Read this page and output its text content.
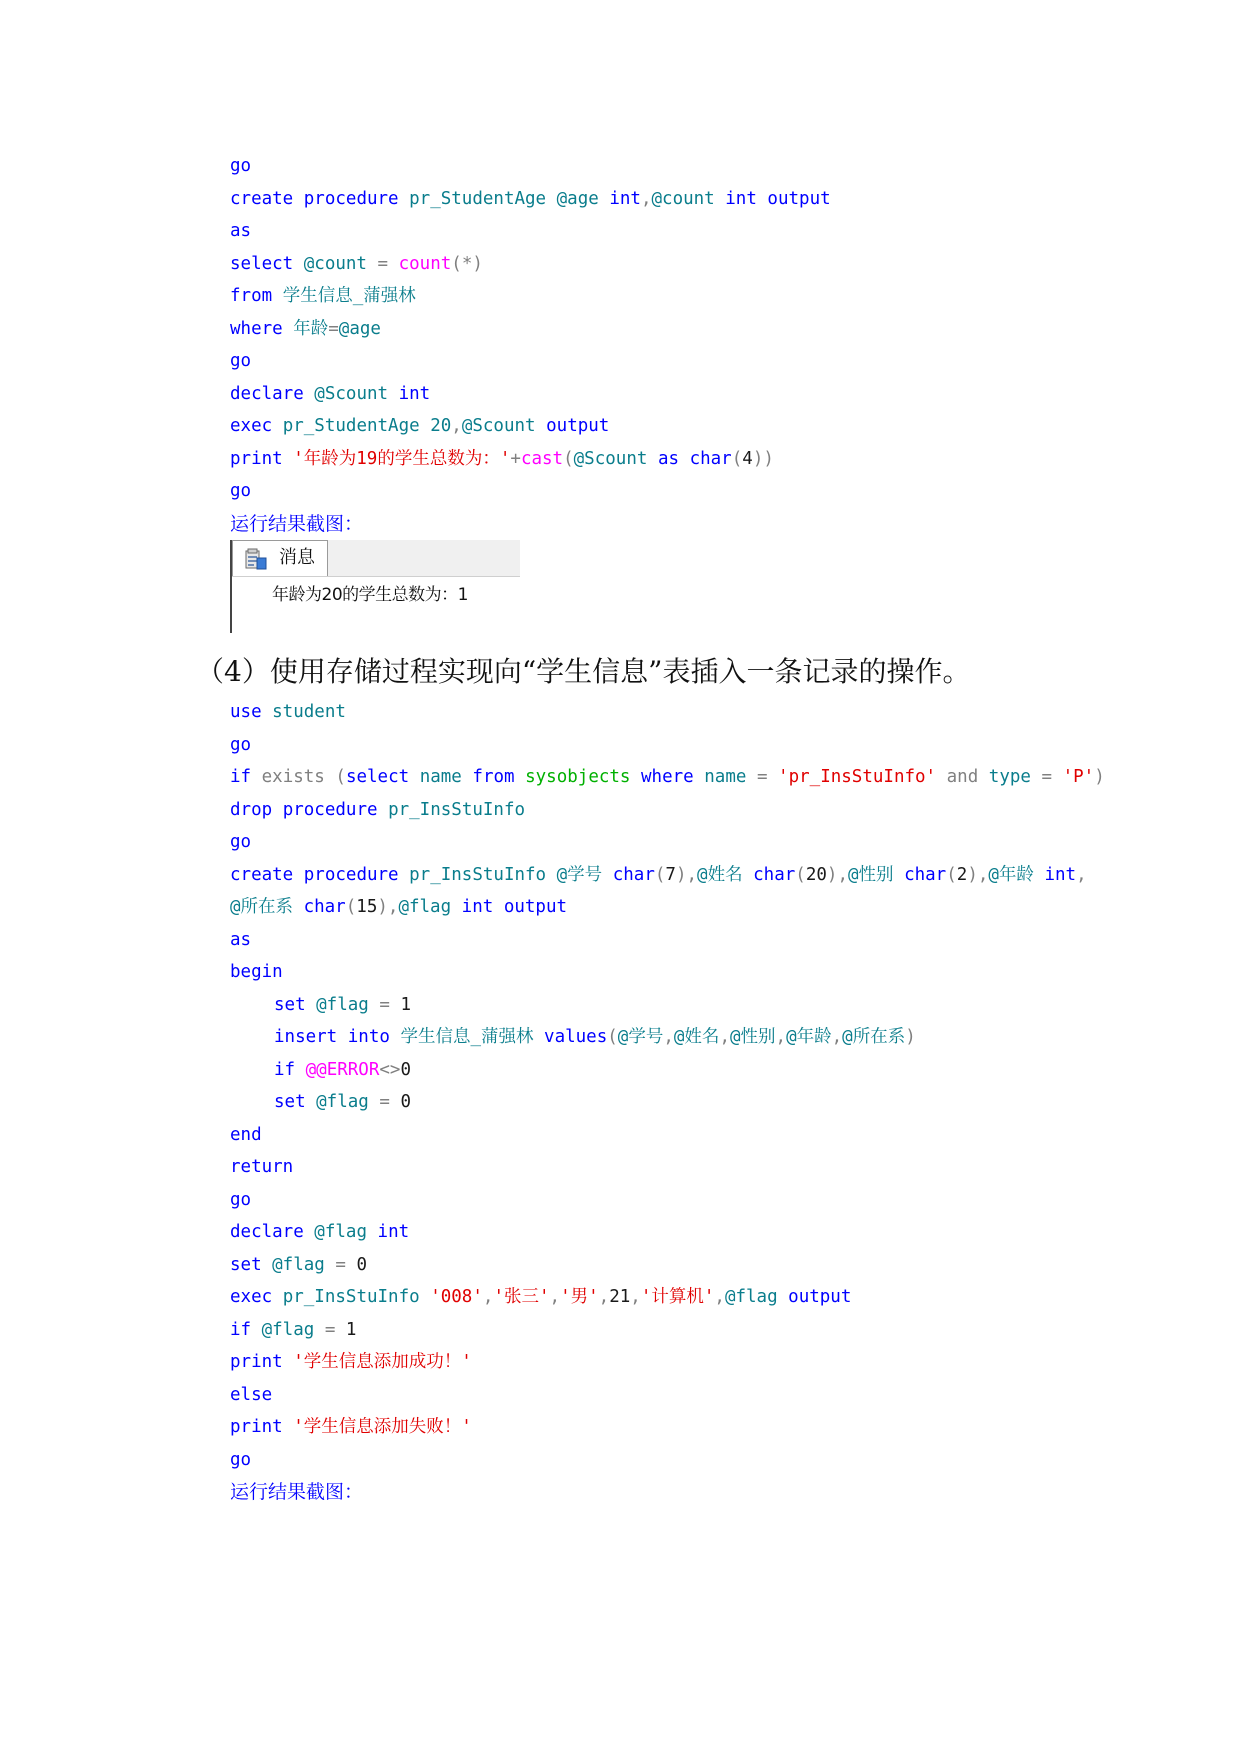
go
create procedure pr_StudentAge @age int,@count int output
as
select @count = count(*)
from 学生信息_蒲强林
where 年龄=@age
go
declare @Scount int
exec pr_StudentAge 20,@Scount output
print '年龄为19的学生总数为：'+cast(@Scount as char(4))
go
运行结果截图：
消息
年龄为20的学生总数为：1
（4）使用存储过程实现向“学生信息”表插入一条记录的操作。
use student
go
if exists (select name from sysobjects where name = 'pr_InsStuInfo' and type = 'P')
drop procedure pr_InsStuInfo
go
create procedure pr_InsStuInfo @学号 char(7),@姓名 char(20),@性别 char(2),@年龄 int,
@所在系 char(15),@flag int output
as
begin
set @flag = 1
insert into 学生信息_蒲强林 values(@学号,@姓名,@性别,@年龄,@所在系)
if @@ERROR<>0
set @flag = 0
end
return
go
declare @flag int
set @flag = 0
exec pr_InsStuInfo '008','张三','男',21,'计算机',@flag output
if @flag = 1
print '学生信息添加成功！'
else
print '学生信息添加失败！'
go
运行结果截图：
